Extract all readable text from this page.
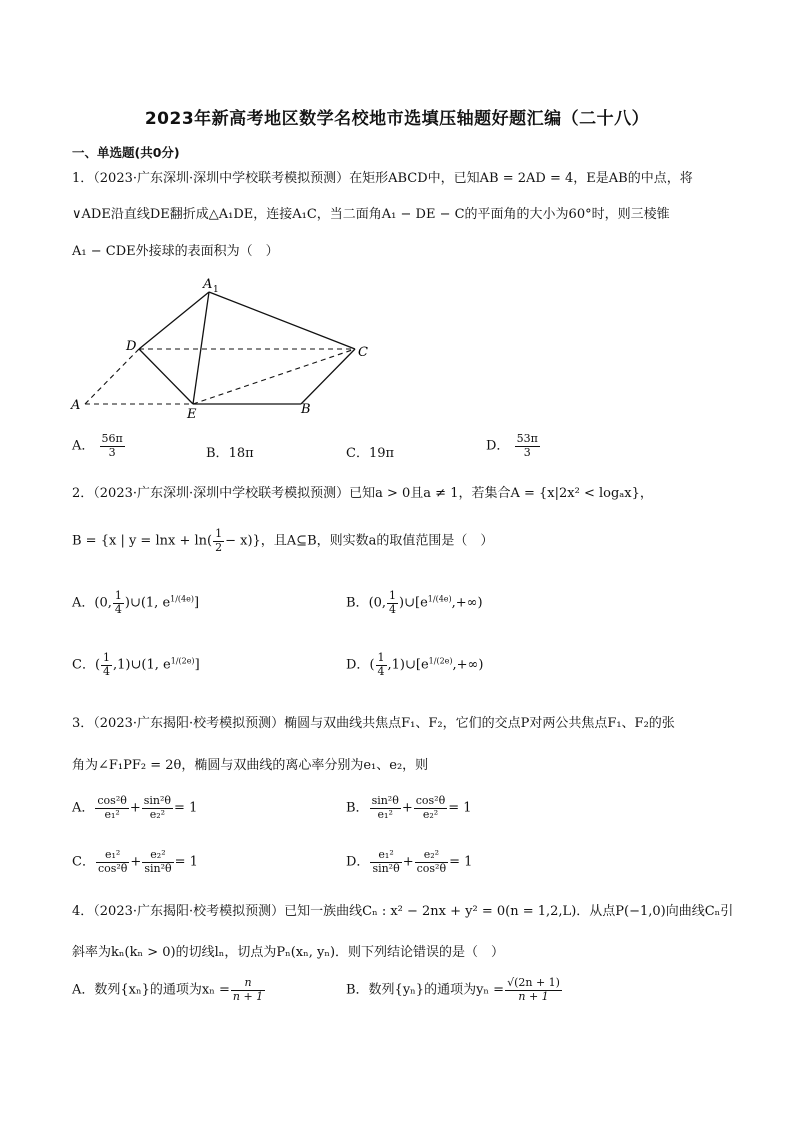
2023年新高考地区数学名校地市选填压轴题好题汇编（二十八）
一、单选题(共0分)
1．（2023·广东深圳·深圳中学校联考模拟预测）在矩形ABCD中，已知AB = 2AD = 4，E是AB的中点，将
∨ADE沿直线DE翻折成△A₁DE，连接A₁C，当二面角A₁ − DE − C的平面角的大小为60°时，则三棱锥
A₁ − CDE外接球的表面积为（　）
A 1
D	C
A
E	B
A． $\frac{56\pi}{3}$	B．18π	C．19π	D． $\frac{53\pi}{3}$
2．（2023·广东深圳·深圳中学校联考模拟预测）已知a > 0且a ≠ 1，若集合A = {x|2x² < logₐx}，
B = {x | $y = \ln x + \ln( \frac{1}{2} - x)$}，且A⊆B，则实数a的取值范围是（　）
A．(0, $\frac{1}{4}$ )∪(1, $e^{1/(4e)}$]	B．(0, $\frac{1}{4}$ )$\cup[e^{1/(4e)},+\infty)$
C．( $\frac{1}{4}$ ,1)∪(1, $e^{1/(2e)}$]	D．( $\frac{1}{4}$ $,1)\cup[e^{1/(2e)},+\infty)$
3．（2023·广东揭阳·校考模拟预测）椭圆与双曲线共焦点F₁、F₂，它们的交点P对两公共焦点F₁、F₂的张
角为∠F₁PF₂ = 2θ，椭圆与双曲线的离心率分别为e₁、e₂，则
A． $\frac{\text{cos²θ}}{\text{e₁²}} + \frac{\text{sin²θ}}{\text{e₂²}} = 1$	B． $\frac{\text{sin²θ}}{\text{e₁²}} + \frac{\text{cos²θ}}{\text{e₂²}} = 1$
C． $\frac{\text{e₁²}}{\text{cos²θ}} + \frac{\text{e₂²}}{\text{sin²θ}} = 1$	D． $\frac{\text{e₁²}}{\text{sin²θ}} + \frac{\text{e₂²}}{\text{cos²θ}} = 1$
4．（2023·广东揭阳·校考模拟预测）已知一族曲线Cₙ : x² − 2nx + y² = 0(n = 1,2,L)．从点P(−1,0)向曲线Cₙ引
斜率为kₙ(kₙ > 0)的切线lₙ，切点为Pₙ(xₙ, yₙ)．则下列结论错误的是（　）
A．数列{xₙ}的通项为$x_n = \frac{n}{n + 1}$	B．数列{yₙ}的通项为$y_n = \frac{√(2n + 1)}{n + 1}$
